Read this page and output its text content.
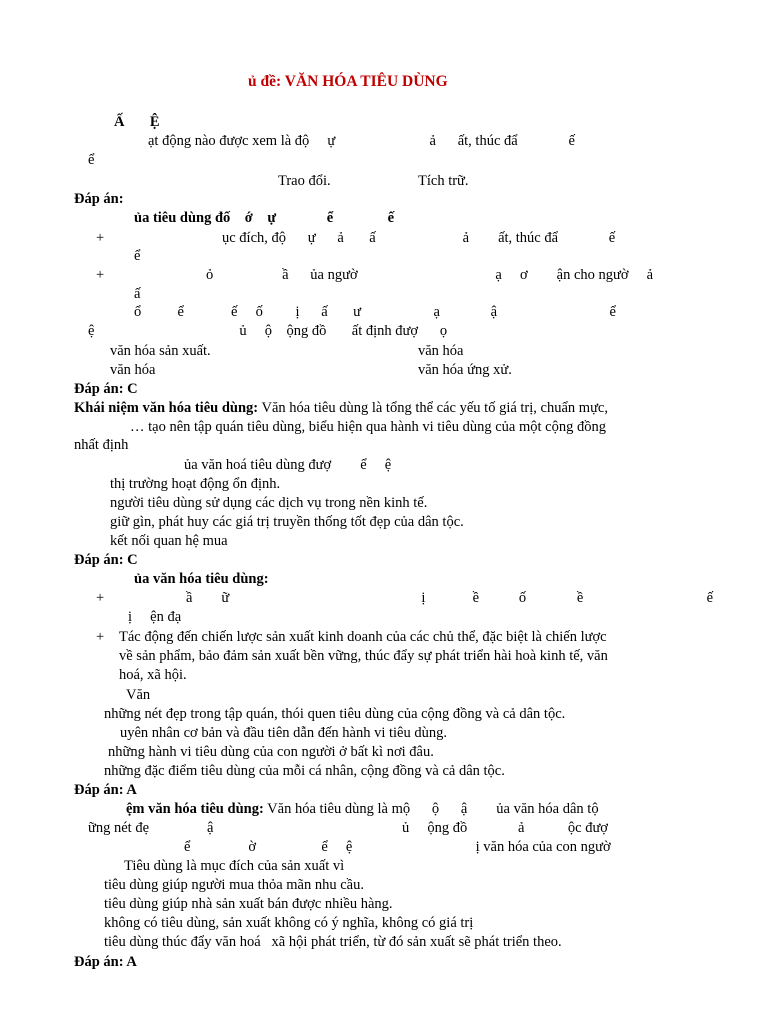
ủ đề: VĂN HÓA TIÊU DÙNG
Ấ       Ệ
ạt động nào được xem là độ     ự                          ả      ất, thúc đẩ              ế
ể
Trao đổi.	Tích trữ.
Đáp án:
ủa tiêu dùng đố    ớ    ự              ể               ế
+	ục đích, độ      ự      ả       ấ                        ả        ất, thúc đẩ              ế
ể
+	ỏ                   ầ      ủa ngườ                                      ạ     ơ        ận cho ngườ     ả
ấ
ổ          ể             ế     ố         ị      ấ       ư                    ạ              ậ                               ể
ệ                                        ủ     ộ    ộng đồ       ất định đượ      ọ
văn hóa sản xuất.	văn hóa
văn hóa	văn hóa ứng xử.
Đáp án: C
Khái niệm văn hóa tiêu dùng: Văn hóa tiêu dùng là tổng thể các yếu tố giá trị, chuẩn mực,
… tạo nên tập quán tiêu dùng, biểu hiện qua hành vi tiêu dùng của một cộng đồng
nhất định
ủa văn hoá tiêu dùng đượ        ể     ệ
thị trường hoạt động ổn định.
người tiêu dùng sử dụng các dịch vụ trong nền kinh tế.
giữ gìn, phát huy các giá trị truyền thống tốt đẹp của dân tộc.
kết nối quan hệ mua
Đáp án: C
ủa văn hóa tiêu dùng:
+	ầ        ữ                                                     ị             ề           ố              ề                                  ế
ị     ện đạ
+ Tác động đến chiến lược sản xuất kinh doanh của các chủ thể, đặc biệt là chiến lược
về sản phẩm, bảo đảm sản xuất bền vững, thúc đẩy sự phát triển hài hoà kinh tế, văn
hoá, xã hội.
Văn
những nét đẹp trong tập quán, thói quen tiêu dùng của cộng đồng và cả dân tộc.
uyên nhân cơ bản và đầu tiên dẫn đến hành vi tiêu dùng.
những hành vi tiêu dùng của con người ở bất kì nơi đâu.
những đặc điểm tiêu dùng của mỗi cá nhân, cộng đồng và cả dân tộc.
Đáp án: A
ệm văn hóa tiêu dùng: Văn hóa tiêu dùng là mộ      ộ      ậ        ủa văn hóa dân tộ
ững nét đẹ                ậ                                                    ủ     ộng đồ              ả            ộc đượ
ể                ờ                  ể     ệ                                  ị văn hóa của con ngườ
Tiêu dùng là mục đích của sản xuất vì
tiêu dùng giúp người mua thỏa mãn nhu cầu.
tiêu dùng giúp nhà sản xuất bán được nhiều hàng.
không có tiêu dùng, sản xuất không có ý nghĩa, không có giá trị
tiêu dùng thúc đẩy văn hoá   xã hội phát triển, từ đó sản xuất sẽ phát triển theo.
Đáp án: A
